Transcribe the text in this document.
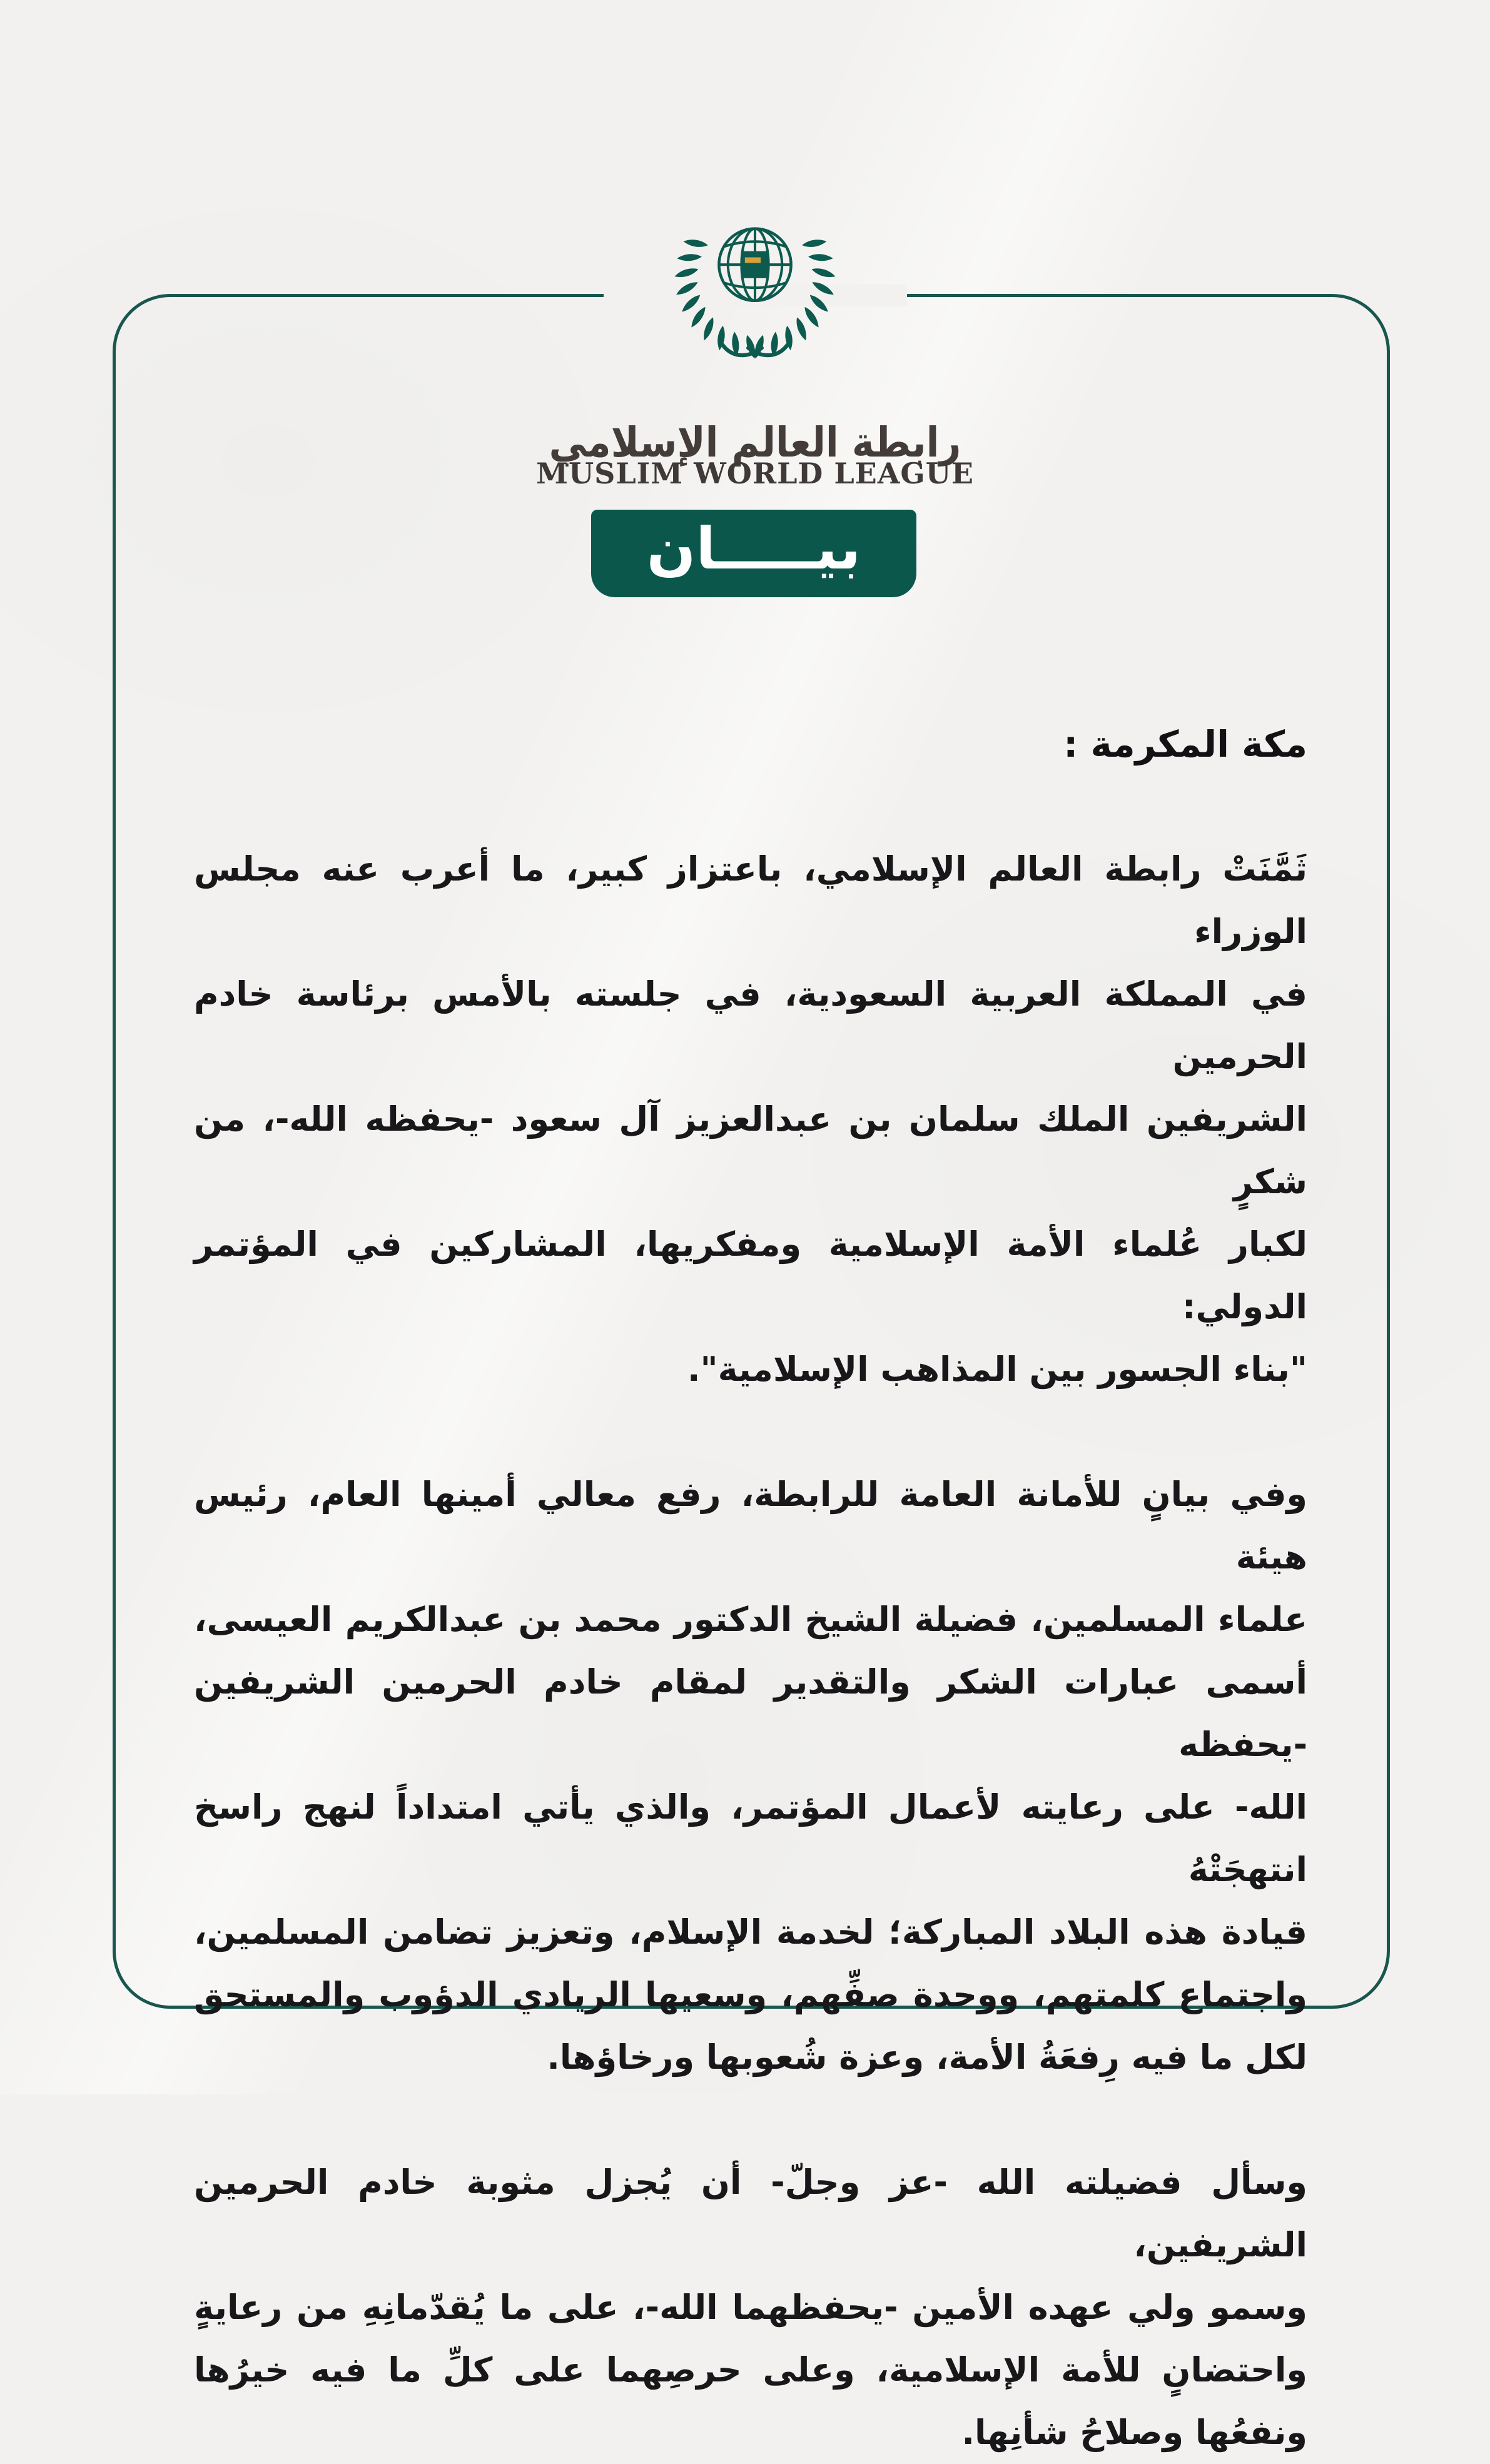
رابطة العالم الإسلامي
MUSLIM WORLD LEAGUE
بيـــــان
مكة المكرمة :
ثَمَّنَتْ رابطة العالم الإسلامي، باعتزاز كبير، ما أعرب عنه مجلس الوزراء
في المملكة العربية السعودية، في جلسته بالأمس برئاسة خادم الحرمين
الشريفين الملك سلمان بن عبدالعزيز آل سعود -يحفظه الله-، من شكرٍ
لكبار عُلماء الأمة الإسلامية ومفكريها، المشاركين في المؤتمر الدولي:
"بناء الجسور بين المذاهب الإسلامية".
وفي بيانٍ للأمانة العامة للرابطة، رفع معالي أمينها العام، رئيس هيئة
علماء المسلمين، فضيلة الشيخ الدكتور محمد بن عبدالكريم العيسى،
أسمى عبارات الشكر والتقدير لمقام خادم الحرمين الشريفين -يحفظه
الله- على رعايته لأعمال المؤتمر، والذي يأتي امتداداً لنهج راسخ انتهجَتْهُ
قيادة هذه البلاد المباركة؛ لخدمة الإسلام، وتعزيز تضامن المسلمين،
واجتماع كلمتهم، ووحدة صفِّهم، وسعيها الريادي الدؤوب والمستحق
لكل ما فيه رِفعَةُ الأمة، وعزة شُعوبها ورخاؤها.
وسأل فضيلته الله -عز وجلّ- أن يُجزل مثوبة خادم الحرمين الشريفين،
وسمو ولي عهده الأمين -يحفظهما الله-، على ما يُقدّمانِهِ من رعايةٍ
واحتضانٍ للأمة الإسلامية، وعلى حرصِهما على كلِّ ما فيه خيرُها
ونفعُها وصلاحُ شأنِها.
